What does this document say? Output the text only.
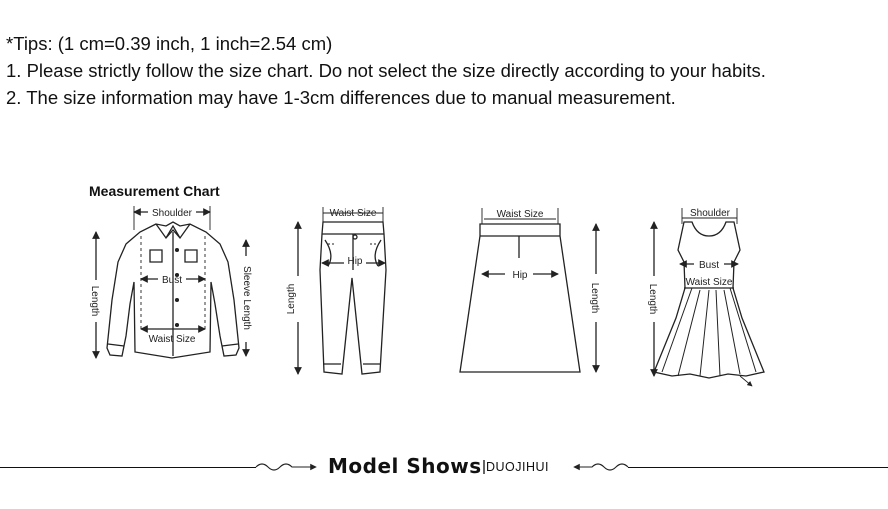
*Tips: (1 cm=0.39 inch, 1 inch=2.54 cm)
1. Please strictly follow the size chart. Do not select the size directly according to your habits.
2. The size information may have 1-3cm differences due to manual measurement.
Measurement Chart
Shoulder
Bust
Waist Size
Length	Sleeve Length
Waist Size
Hip
Length
Waist Size
Hip
Length
Shoulder
Bust
Waist Size
Length
Model Shows DUOJIHUI
